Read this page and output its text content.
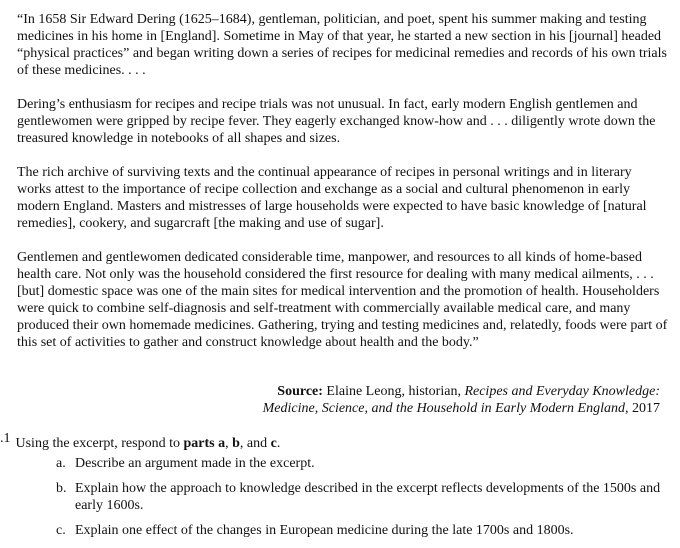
“In 1658 Sir Edward Dering (1625–1684), gentleman, politician, and poet, spent his summer making and testing medicines in his home in [England]. Sometime in May of that year, he started a new section in his [journal] headed “physical practices” and began writing down a series of recipes for medicinal remedies and records of his own trials of these medicines. . . .

Dering’s enthusiasm for recipes and recipe trials was not unusual. In fact, early modern English gentlemen and gentlewomen were gripped by recipe fever. They eagerly exchanged know-how and . . . diligently wrote down the treasured knowledge in notebooks of all shapes and sizes.

The rich archive of surviving texts and the continual appearance of recipes in personal writings and in literary works attest to the importance of recipe collection and exchange as a social and cultural phenomenon in early modern England. Masters and mistresses of large households were expected to have basic knowledge of [natural remedies], cookery, and sugarcraft [the making and use of sugar].

Gentlemen and gentlewomen dedicated considerable time, manpower, and resources to all kinds of home-based health care. Not only was the household considered the first resource for dealing with many medical ailments, . . . [but] domestic space was one of the main sites for medical intervention and the promotion of health. Householders were quick to combine self-diagnosis and self-treatment with commercially available medical care, and many produced their own homemade medicines. Gathering, trying and testing medicines and, relatedly, foods were part of this set of activities to gather and construct knowledge about health and the body.”

Source: Elaine Leong, historian, Recipes and Everyday Knowledge:
Medicine, Science, and the Household in Early Modern England, 2017

1. Using the excerpt, respond to parts a, b, and c.

a. Describe an argument made in the excerpt.
b. Explain how the approach to knowledge described in the excerpt reflects developments of the 1500s and early 1600s.
c. Explain one effect of the changes in European medicine during the late 1700s and 1800s.
